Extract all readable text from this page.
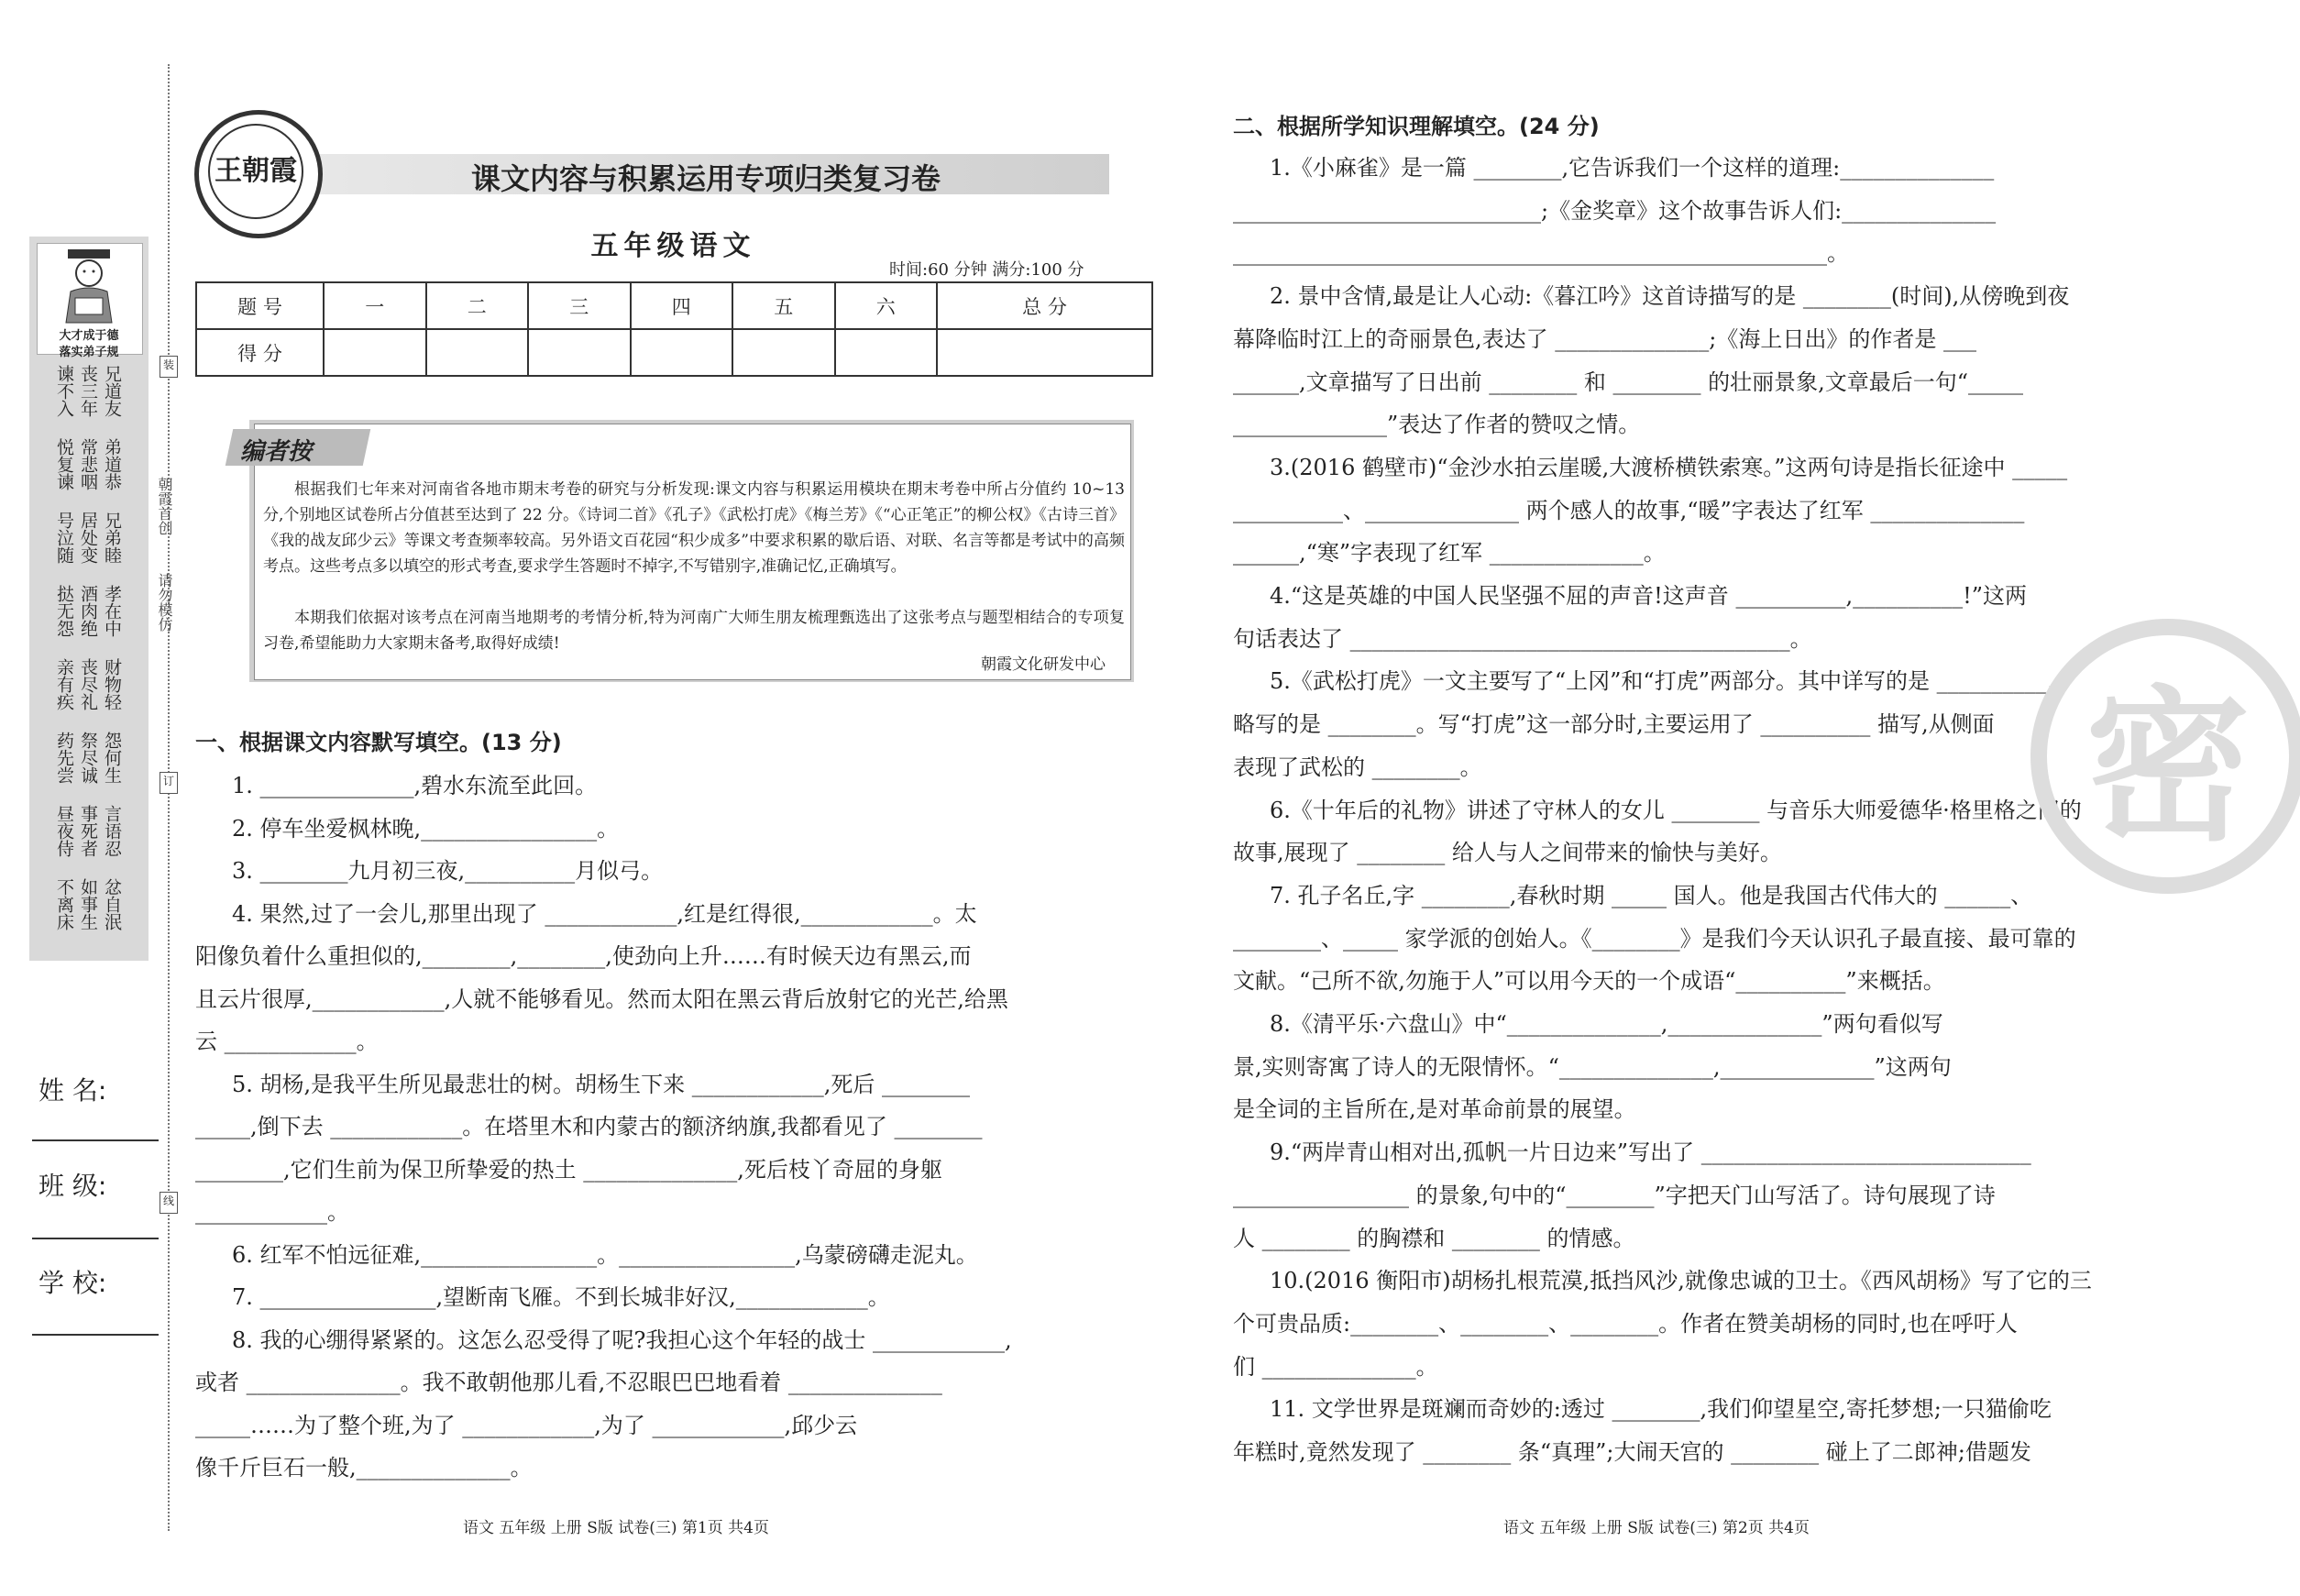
大才成于德
落实弟子规
兄道友
丧三年
谏不入
弟道恭
常悲咽
悦复谏
兄弟睦
居处变
号泣随
孝在中
酒肉绝
挞无怨
财物轻
丧尽礼
亲有疾
怨何生
祭尽诚
药先尝
言语忍
事死者
昼夜侍
忿自泯
如事生
不离床
姓 名:
班 级:
学 校:
装
订
线
朝霞首创
请勿模仿
王朝霞	课文内容与积累运用专项归类复习卷
五年级语文
时间:60 分钟 满分:100 分
题 号	一	二	三	四	五	六	总 分
得 分							
编者按
根据我们七年来对河南省各地市期末考卷的研究与分析发现:课文内容与积累运用模块在期末考卷中所占分值约 10~13 分,个别地区试卷所占分值甚至达到了 22 分。《诗词二首》《孔子》《武松打虎》《梅兰芳》《“心正笔正”的柳公权》《古诗三首》《我的战友邱少云》等课文考查频率较高。另外语文百花园“积少成多”中要求积累的歇后语、对联、名言等都是考试中的高频考点。这些考点多以填空的形式考查,要求学生答题时不掉字,不写错别字,准确记忆,正确填写。
本期我们依据对该考点在河南当地期考的考情分析,特为河南广大师生朋友梳理甄选出了这张考点与题型相结合的专项复习卷,希望能助力大家期末备考,取得好成绩!
朝霞文化研发中心
一、根据课文内容默写填空。(13 分)
1. ______________,碧水东流至此回。
2. 停车坐爱枫林晚,________________。
3. ________九月初三夜,__________月似弓。
4. 果然,过了一会儿,那里出现了 ____________,红是红得很,____________。太
阳像负着什么重担似的,________,________,使劲向上升……有时候天边有黑云,而
且云片很厚,____________,人就不能够看见。然而太阳在黑云背后放射它的光芒,给黑
云 ____________。
5. 胡杨,是我平生所见最悲壮的树。胡杨生下来 ____________,死后 ________
_____,倒下去 ____________。在塔里木和内蒙古的额济纳旗,我都看见了 ________
________,它们生前为保卫所挚爱的热土 ______________,死后枝丫奇屈的身躯
____________。
6. 红军不怕远征难,________________。________________,乌蒙磅礴走泥丸。
7. ________________,望断南飞雁。不到长城非好汉,____________。
8. 我的心绷得紧紧的。这怎么忍受得了呢?我担心这个年轻的战士 ____________,
或者 ______________。我不敢朝他那儿看,不忍眼巴巴地看着 ______________
_____……为了整个班,为了 ____________,为了 ____________,邱少云
像千斤巨石一般,______________。
二、根据所学知识理解填空。(24 分)
1.《小麻雀》是一篇 ________,它告诉我们一个这样的道理:______________
____________________________;《金奖章》这个故事告诉人们:______________
______________________________________________________。
2. 景中含情,最是让人心动:《暮江吟》这首诗描写的是 ________(时间),从傍晚到夜
幕降临时江上的奇丽景色,表达了 ______________;《海上日出》的作者是 ___
______,文章描写了日出前 ________ 和 ________ 的壮丽景象,文章最后一句“_____
______________”表达了作者的赞叹之情。
3.(2016 鹤壁市)“金沙水拍云崖暖,大渡桥横铁索寒。”这两句诗是指长征途中 _____
__________、______________ 两个感人的故事,“暖”字表达了红军 ______________
______,“寒”字表现了红军 ______________。
4.“这是英雄的中国人民坚强不屈的声音!这声音 __________,__________!”这两
句话表达了 ________________________________________。
5.《武松打虎》一文主要写了“上冈”和“打虎”两部分。其中详写的是 __________,
略写的是 ________。写“打虎”这一部分时,主要运用了 __________ 描写,从侧面
表现了武松的 ________。
6.《十年后的礼物》讲述了守林人的女儿 ________ 与音乐大师爱德华·格里格之间的
故事,展现了 ________ 给人与人之间带来的愉快与美好。
7. 孔子名丘,字 ________,春秋时期 _____ 国人。他是我国古代伟大的 ______、
________、_____ 家学派的创始人。《________》是我们今天认识孔子最直接、最可靠的
文献。“己所不欲,勿施于人”可以用今天的一个成语“__________”来概括。
8.《清平乐·六盘山》中“______________,______________”两句看似写
景,实则寄寓了诗人的无限情怀。“______________,______________”这两句
是全词的主旨所在,是对革命前景的展望。
9.“两岸青山相对出,孤帆一片日边来”写出了 ______________________________
________________ 的景象,句中的“________”字把天门山写活了。诗句展现了诗
人 ________ 的胸襟和 ________ 的情感。
10.(2016 衡阳市)胡杨扎根荒漠,抵挡风沙,就像忠诚的卫士。《西风胡杨》写了它的三
个可贵品质:________、________、________。作者在赞美胡杨的同时,也在呼吁人
们 ______________。
11. 文学世界是斑斓而奇妙的:透过 ________,我们仰望星空,寄托梦想;一只猫偷吃
年糕时,竟然发现了 ________ 条“真理”;大闹天宫的 ________ 碰上了二郎神;借题发
密
语文 五年级 上册 S版 试卷(三) 第1页 共4页	语文 五年级 上册 S版 试卷(三) 第2页 共4页
